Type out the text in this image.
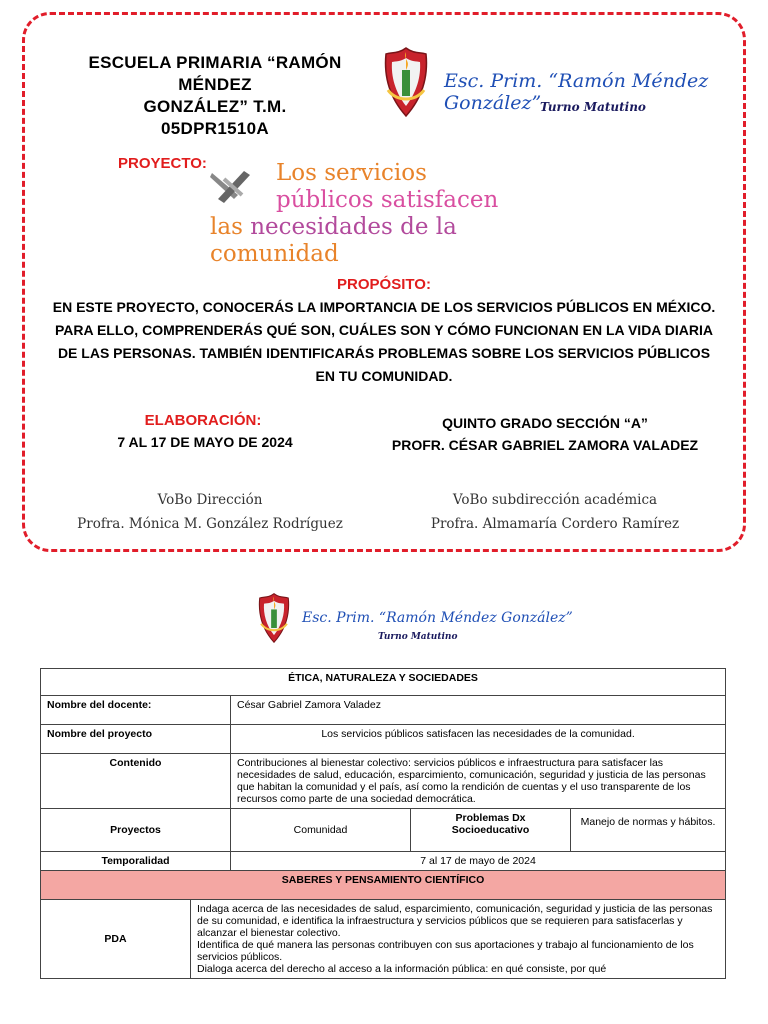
ESCUELA PRIMARIA “RAMÓN MÉNDEZ
GONZÁLEZ” T.M.
05DPR1510A
Esc. Prim. “Ramón Méndez González”
Turno Matutino
PROYECTO:	Los servicios
públicos satisfacen
las necesidades de la
comunidad
PROPÓSITO:
EN ESTE PROYECTO, CONOCERÁS LA IMPORTANCIA DE LOS SERVICIOS PÚBLICOS EN MÉXICO. PARA ELLO, COMPRENDERÁS QUÉ SON, CUÁLES SON Y CÓMO FUNCIONAN EN LA VIDA DIARIA DE LAS PERSONAS. TAMBIÉN IDENTIFICARÁS PROBLEMAS SOBRE LOS SERVICIOS PÚBLICOS EN TU COMUNIDAD.
ELABORACIÓN:
7 AL 17 DE MAYO DE 2024
QUINTO GRADO SECCIÓN “A”
PROFR. CÉSAR GABRIEL ZAMORA VALADEZ
VoBo Dirección
Profra. Mónica M. González Rodríguez
VoBo subdirección académica
Profra. Almamaría Cordero Ramírez
Esc. Prim. “Ramón Méndez González”
Turno Matutino
ÉTICA, NATURALEZA Y SOCIEDADES				
Nombre del docente:		César Gabriel Zamora Valadez		
Nombre del proyecto		Los servicios públicos satisfacen las necesidades de la comunidad.		
Contenido		Contribuciones al bienestar colectivo: servicios públicos e infraestructura para satisfacer las necesidades de salud, educación, esparcimiento, comunicación, seguridad y justicia de las personas que habitan la comunidad y el país, así como la rendición de cuentas y el uso transparente de los recursos como parte de una sociedad democrática.		
Proyectos		Comunidad	Problemas Dx Socioeducativo	Manejo de normas y hábitos.
Temporalidad		7 al 17 de mayo de 2024		
SABERES Y PENSAMIENTO CIENTÍFICO				
PDA	Indaga acerca de las necesidades de salud, esparcimiento, comunicación, seguridad y justicia de las personas de su comunidad, e identifica la infraestructura y servicios públicos que se requieren para satisfacerlas y alcanzar el bienestar colectivo.
Identifica de qué manera las personas contribuyen con sus aportaciones y trabajo al funcionamiento de los servicios públicos.
Dialoga acerca del derecho al acceso a la información pública: en qué consiste, por qué			
